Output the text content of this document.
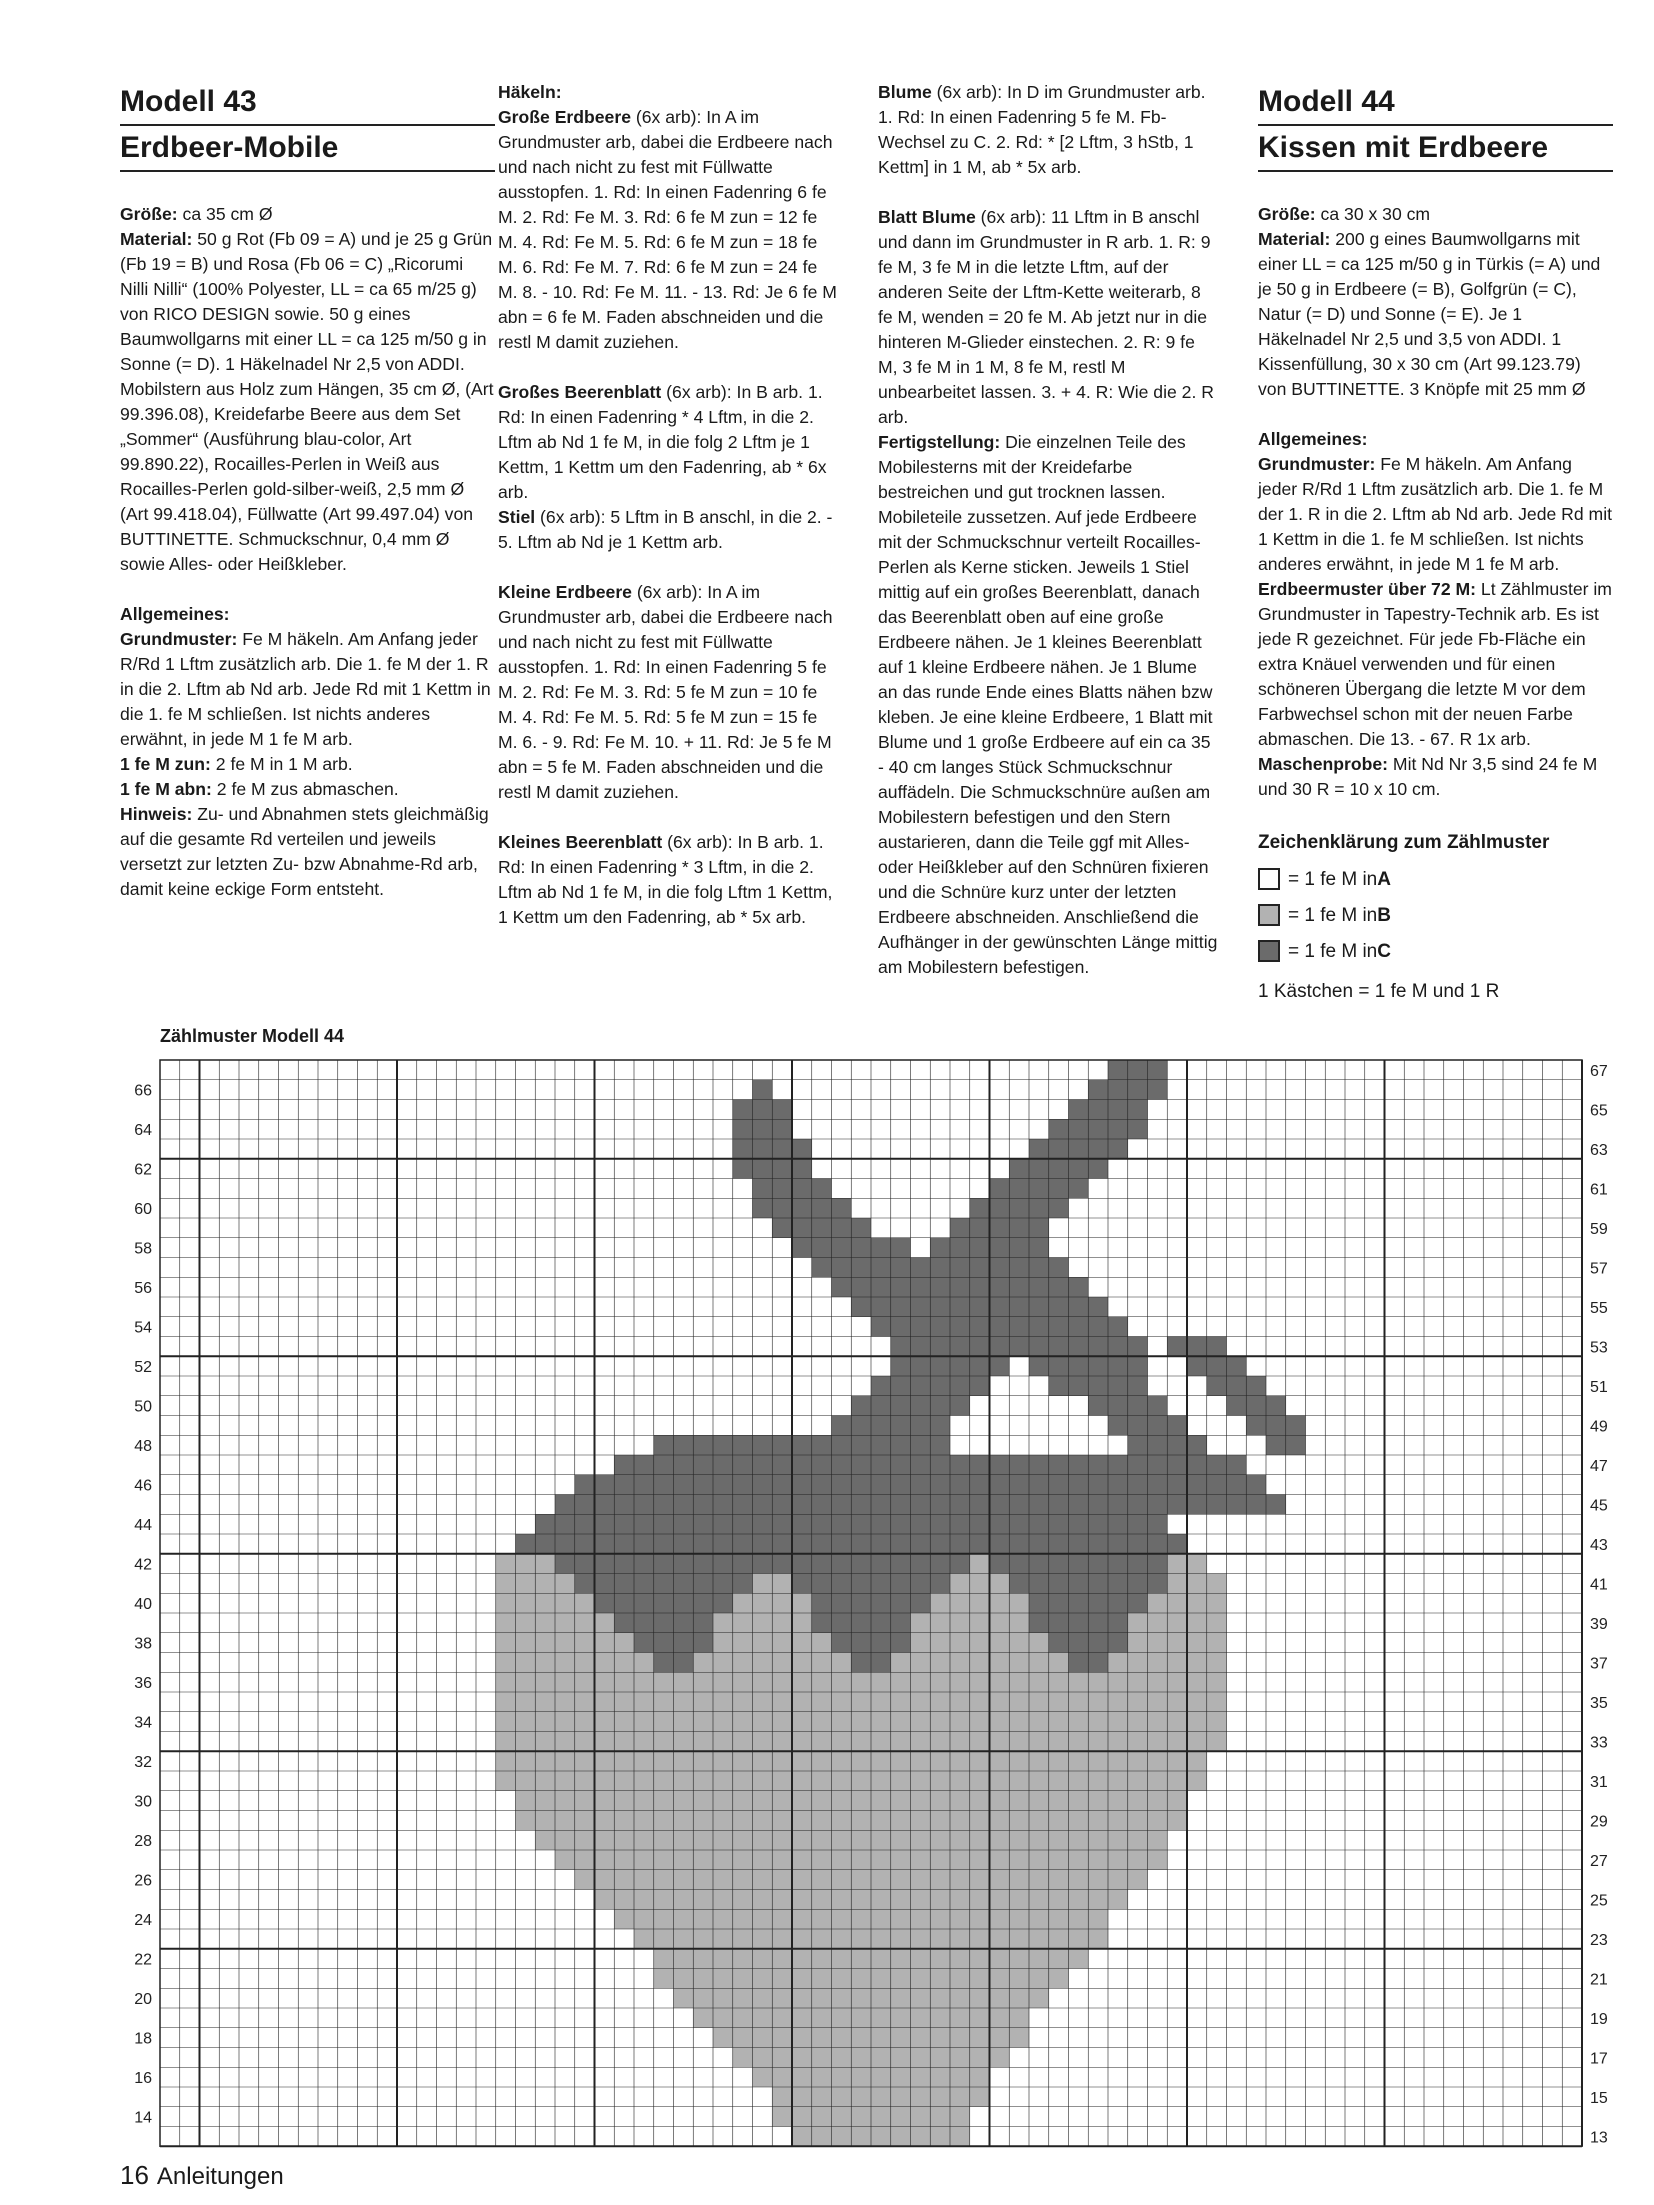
Modell 43
Erdbeer-Mobile

Größe: ca 35 cm Ø

Material: 50 g Rot (Fb 09 = A) und je 25 g Grün (Fb 19 = B) und Rosa (Fb 06 = C) „Ricorumi Nilli Nilli“ (100% Polyester, LL = ca 65 m/25 g) von RICO DESIGN sowie. 50 g eines Baumwollgarns mit einer LL = ca 125 m/50 g in Sonne (= D). 1 Häkelnadel Nr 2,5 von ADDI. Mobilstern aus Holz zum Hängen, 35 cm Ø, (Art 99.396.08), Kreidefarbe Beere aus dem Set „Sommer“ (Ausführung blau-color, Art 99.890.22), Rocailles-Perlen in Weiß aus Rocailles-Perlen gold-silber-weiß, 2,5 mm Ø (Art 99.418.04), Füllwatte (Art 99.497.04) von BUTTINETTE. Schmuckschnur, 0,4 mm Ø sowie Alles- oder Heißkleber.

Allgemeines:

Grundmuster: Fe M häkeln. Am Anfang jeder R/Rd 1 Lftm zusätzlich arb. Die 1. fe M der 1. R in die 2. Lftm ab Nd arb. Jede Rd mit 1 Kettm in die 1. fe M schließen. Ist nichts anderes erwähnt, in jede M 1 fe M arb.

1 fe M zun: 2 fe M in 1 M arb.

1 fe M abn: 2 fe M zus abmaschen.

Hinweis: Zu- und Abnahmen stets gleichmäßig auf die gesamte Rd verteilen und jeweils versetzt zur letzten Zu- bzw Abnahme-Rd arb, damit keine eckige Form entsteht.

Häkeln:

Große Erdbeere (6x arb): In A im Grundmuster arb, dabei die Erdbeere nach und nach nicht zu fest mit Füllwatte ausstopfen. 1. Rd: In einen Fadenring 6 fe M. 2. Rd: Fe M. 3. Rd: 6 fe M zun = 12 fe M. 4. Rd: Fe M. 5. Rd: 6 fe M zun = 18 fe M. 6. Rd: Fe M. 7. Rd: 6 fe M zun = 24 fe M. 8. - 10. Rd: Fe M. 11. - 13. Rd: Je 6 fe M abn = 6 fe M. Faden abschneiden und die restl M damit zuziehen.

Großes Beerenblatt (6x arb): In B arb. 1. Rd: In einen Fadenring * 4 Lftm, in die 2. Lftm ab Nd 1 fe M, in die folg 2 Lftm je 1 Kettm, 1 Kettm um den Fadenring, ab * 6x arb.

Stiel (6x arb): 5 Lftm in B anschl, in die 2. - 5. Lftm ab Nd je 1 Kettm arb.

Kleine Erdbeere (6x arb): In A im Grundmuster arb, dabei die Erdbeere nach und nach nicht zu fest mit Füllwatte ausstopfen. 1. Rd: In einen Fadenring 5 fe M. 2. Rd: Fe M. 3. Rd: 5 fe M zun = 10 fe M. 4. Rd: Fe M. 5. Rd: 5 fe M zun = 15 fe M. 6. - 9. Rd: Fe M. 10. + 11. Rd: Je 5 fe M abn = 5 fe M. Faden abschneiden und die restl M damit zuziehen.

Kleines Beerenblatt (6x arb): In B arb. 1. Rd: In einen Fadenring * 3 Lftm, in die 2. Lftm ab Nd 1 fe M, in die folg Lftm 1 Kettm, 1 Kettm um den Fadenring, ab * 5x arb.

Blume (6x arb): In D im Grundmuster arb. 1. Rd: In einen Fadenring 5 fe M. Fb-Wechsel zu C. 2. Rd: * [2 Lftm, 3 hStb, 1 Kettm] in 1 M, ab * 5x arb.

Blatt Blume (6x arb): 11 Lftm in B anschl und dann im Grundmuster in R arb. 1. R: 9 fe M, 3 fe M in die letzte Lftm, auf der anderen Seite der Lftm-Kette weiterarb, 8 fe M, wenden = 20 fe M. Ab jetzt nur in die hinteren M-Glieder einstechen. 2. R: 9 fe M, 3 fe M in 1 M, 8 fe M, restl M unbearbeitet lassen. 3. + 4. R: Wie die 2. R arb.

Fertigstellung: Die einzelnen Teile des Mobilesterns mit der Kreidefarbe bestreichen und gut trocknen lassen. Mobileteile zussetzen. Auf jede Erdbeere mit der Schmuckschnur verteilt Rocailles-Perlen als Kerne sticken. Jeweils 1 Stiel mittig auf ein großes Beerenblatt, danach das Beerenblatt oben auf eine große Erdbeere nähen. Je 1 kleines Beerenblatt auf 1 kleine Erdbeere nähen. Je 1 Blume an das runde Ende eines Blatts nähen bzw kleben. Je eine kleine Erdbeere, 1 Blatt mit Blume und 1 große Erdbeere auf ein ca 35 - 40 cm langes Stück Schmuckschnur auffädeln. Die Schmuckschnüre außen am Mobilestern befestigen und den Stern austarieren, dann die Teile ggf mit Alles- oder Heißkleber auf den Schnüren fixieren und die Schnüre kurz unter der letzten Erdbeere abschneiden. Anschließend die Aufhänger in der gewünschten Länge mittig am Mobilestern befestigen.

Modell 44
Kissen mit Erdbeere

Größe: ca 30 x 30 cm

Material: 200 g eines Baumwollgarns mit einer LL = ca 125 m/50 g in Türkis (= A) und je 50 g in Erdbeere (= B), Golfgrün (= C), Natur (= D) und Sonne (= E). Je 1 Häkelnadel Nr 2,5 und 3,5 von ADDI. 1 Kissenfüllung, 30 x 30 cm (Art 99.123.79) von BUTTINETTE. 3 Knöpfe mit 25 mm Ø

Allgemeines:

Grundmuster: Fe M häkeln. Am Anfang jeder R/Rd 1 Lftm zusätzlich arb. Die 1. fe M der 1. R in die 2. Lftm ab Nd arb. Jede Rd mit 1 Kettm in die 1. fe M schließen. Ist nichts anderes erwähnt, in jede M 1 fe M arb.

Erdbeermuster über 72 M: Lt Zählmuster im Grundmuster in Tapestry-Technik arb. Es ist jede R gezeichnet. Für jede Fb-Fläche ein extra Knäuel verwenden und für einen schöneren Übergang die letzte M vor dem Farbwechsel schon mit der neuen Farbe abmaschen. Die 13. - 67. R 1x arb.

Maschenprobe: Mit Nd Nr 3,5 sind 24 fe M und 30 R = 10 x 10 cm.

Zeichenklärung zum Zählmuster
= 1 fe M in A
= 1 fe M in B
= 1 fe M in C
1 Kästchen = 1 fe M und 1 R
Zählmuster Modell 44
66
64
62
60
58
56
54
52
50
48
46
44
42
40
38
36
34
32
30
28
26
24
22
20
18
16
14
67
65
63
61
59
57
55
53
51
49
47
45
43
41
39
37
35
33
31
29
27
25
23
21
19
17
15
13
16 Anleitungen
